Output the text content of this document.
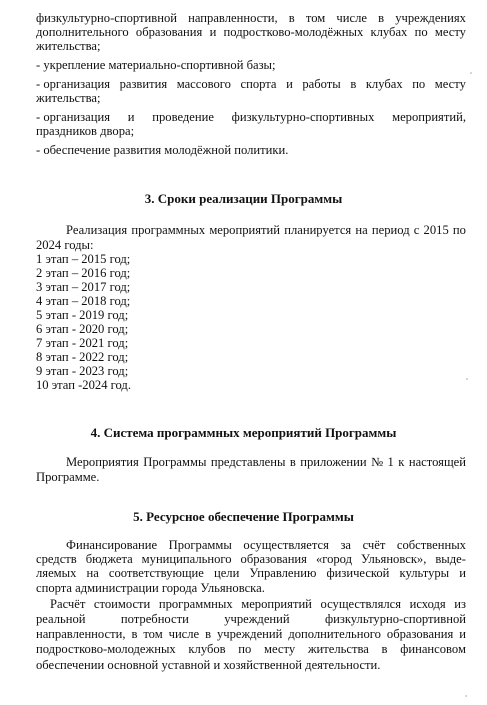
физкультурно-спортивной направленности, в том числе в учреждениях
дополнительного образования и подростково-молодёжных клубах по месту
жительства;
- укрепление материально-спортивной базы;
- организация развития массового спорта и работы в клубах по месту
жительства;
- организация и проведение физкультурно-спортивных мероприятий,
праздников двора;
- обеспечение развития молодёжной политики.
3. Сроки реализации Программы
Реализация программных мероприятий планируется на период с 2015 по
2024 годы:
1 этап – 2015 год;
2 этап – 2016 год;
3 этап – 2017 год;
4 этап – 2018 год;
5 этап - 2019 год;
6 этап - 2020 год;
7 этап - 2021 год;
8 этап - 2022 год;
9 этап - 2023 год;
10 этап -2024 год.
4. Система программных мероприятий Программы
Мероприятия Программы представлены в приложении № 1 к настоящей
Программе.
5. Ресурсное обеспечение Программы
Финансирование Программы осуществляется за счёт собственных
средств бюджета муниципального образования «город Ульяновск», выде-
ляемых на соответствующие цели Управлению физической культуры и
спорта администрации города Ульяновска.
Расчёт стоимости программных мероприятий осуществлялся исходя из
реальной	потребности	учреждений	физкультурно-спортивной
направленности, в том числе в учреждений дополнительного образования и
подростково-молодежных клубов по месту жительства в финансовом
обеспечении основной уставной и хозяйственной деятельности.
